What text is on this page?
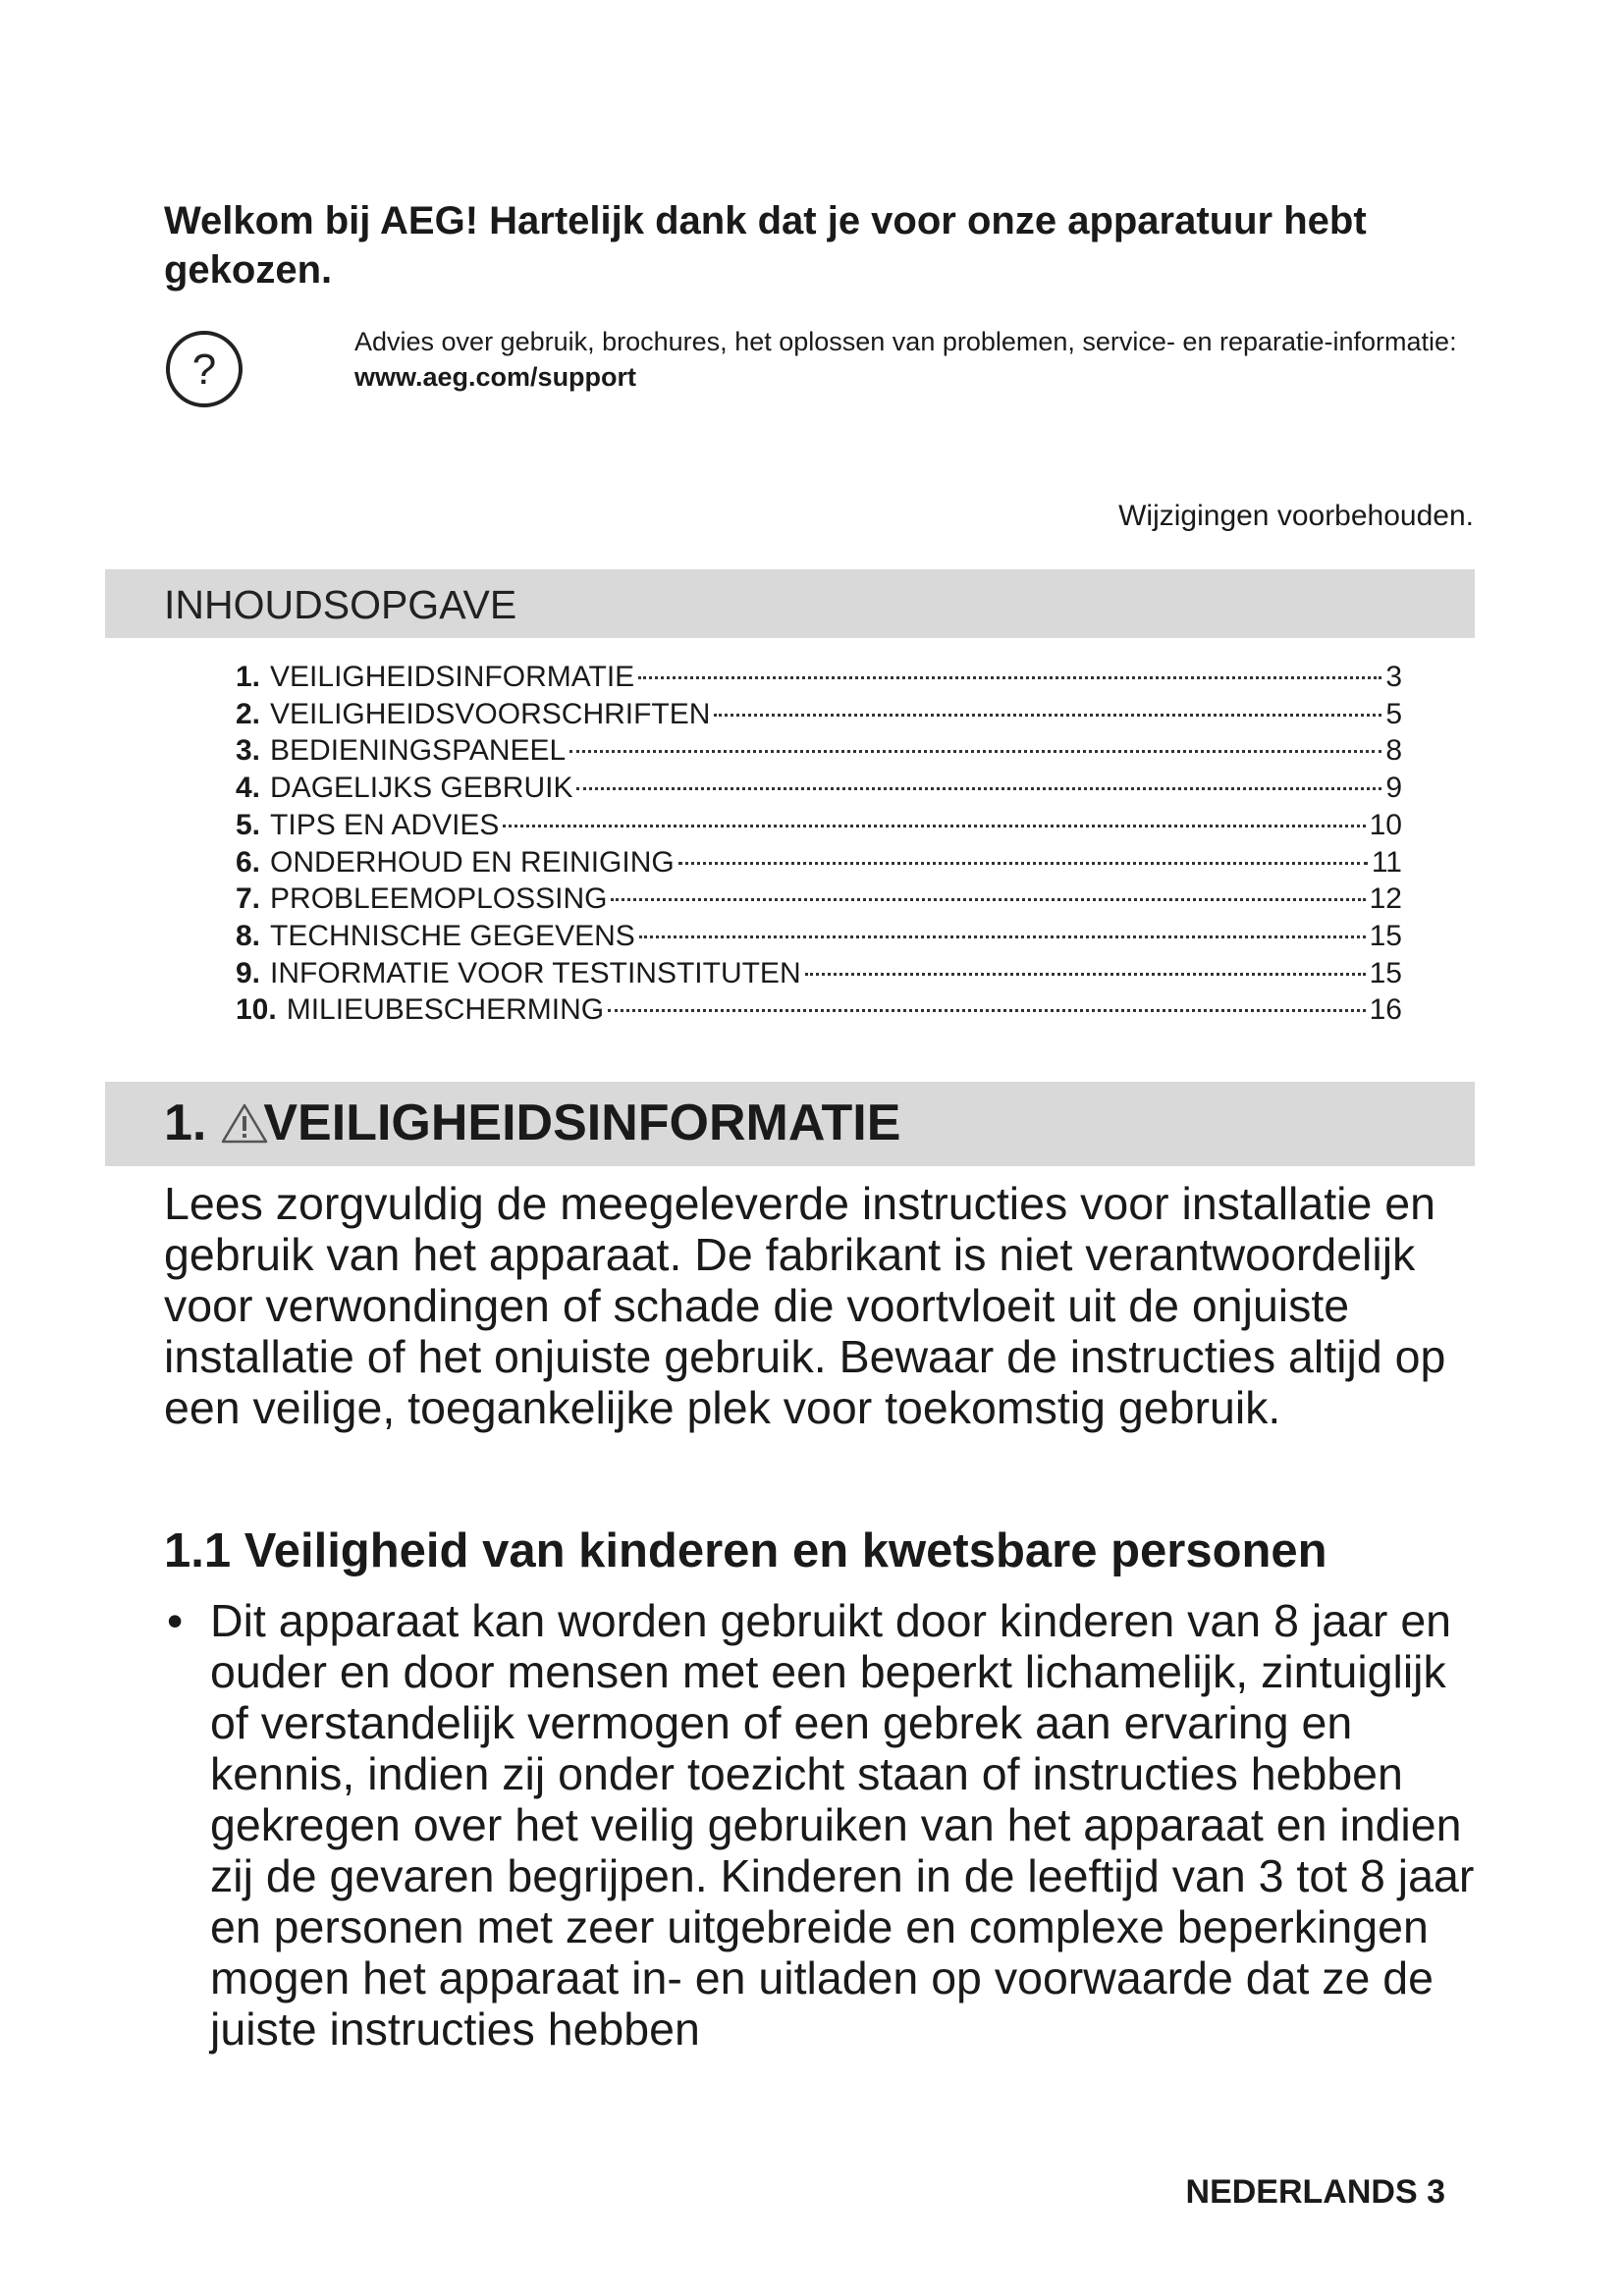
Welkom bij AEG! Hartelijk dank dat je voor onze apparatuur hebt gekozen.
?
Advies over gebruik, brochures, het oplossen van problemen, service- en reparatie-informatie:
www.aeg.com/support
Wijzigingen voorbehouden.
INHOUDSOPGAVE
1. VEILIGHEIDSINFORMATIE	3
2. VEILIGHEIDSVOORSCHRIFTEN	5
3. BEDIENINGSPANEEL	8
4. DAGELIJKS GEBRUIK	9
5. TIPS EN ADVIES	10
6. ONDERHOUD EN REINIGING	11
7. PROBLEEMOPLOSSING	12
8. TECHNISCHE GEGEVENS	15
9. INFORMATIE VOOR TESTINSTITUTEN	15
10. MILIEUBESCHERMING	16
1. VEILIGHEIDSINFORMATIE

Lees zorgvuldig de meegeleverde instructies voor installatie en gebruik van het apparaat. De fabrikant is niet verantwoordelijk voor verwondingen of schade die voortvloeit uit de onjuiste installatie of het onjuiste gebruik. Bewaar de instructies altijd op een veilige, toegankelijke plek voor toekomstig gebruik.

1.1 Veiligheid van kinderen en kwetsbare personen
• Dit apparaat kan worden gebruikt door kinderen van 8 jaar en ouder en door mensen met een beperkt lichamelijk, zintuiglijk of verstandelijk vermogen of een gebrek aan ervaring en kennis, indien zij onder toezicht staan of instructies hebben gekregen over het veilig gebruiken van het apparaat en indien zij de gevaren begrijpen. Kinderen in de leeftijd van 3 tot 8 jaar en personen met zeer uitgebreide en complexe beperkingen mogen het apparaat in- en uitladen op voorwaarde dat ze de juiste instructies hebben
NEDERLANDS 3
